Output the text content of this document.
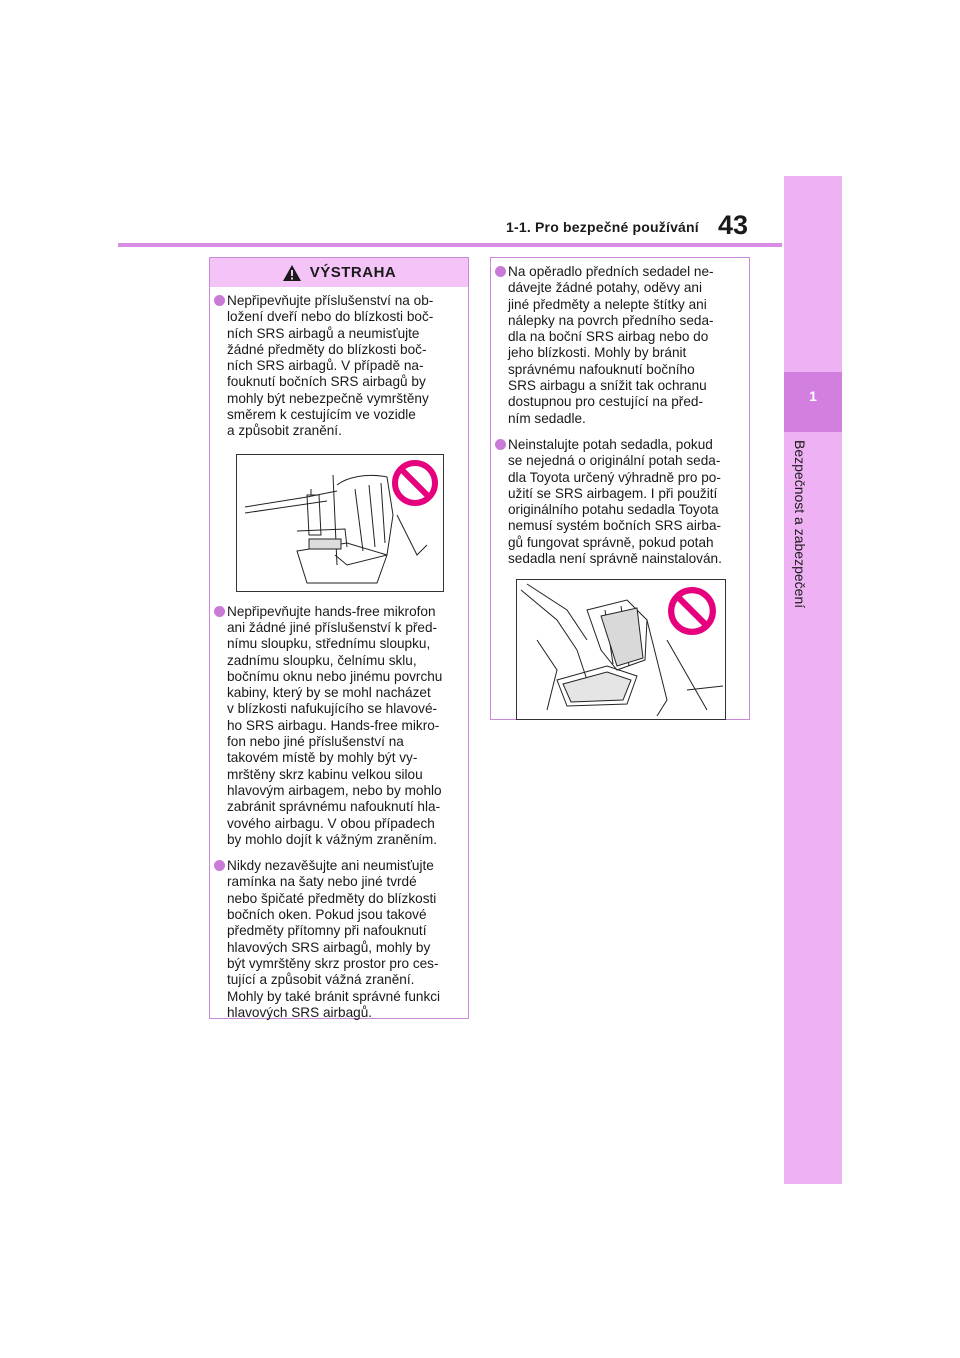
1-1. Pro bezpečné používání 43
1
Bezpečnost a zabezpečení
VÝSTRAHA
Nepřipevňujte příslušenství na ob-
ložení dveří nebo do blízkosti boč-
ních SRS airbagů a neumisťujte
žádné předměty do blízkosti boč-
ních SRS airbagů. V případě na-
fouknutí bočních SRS airbagů by
mohly být nebezpečně vymrštěny
směrem k cestujícím ve vozidle
a způsobit zranění.
Nepřipevňujte hands-free mikrofon
ani žádné jiné příslušenství k před-
nímu sloupku, střednímu sloupku,
zadnímu sloupku, čelnímu sklu,
bočnímu oknu nebo jinému povrchu
kabiny, který by se mohl nacházet
v blízkosti nafukujícího se hlavové-
ho SRS airbagu. Hands-free mikro-
fon nebo jiné příslušenství na
takovém místě by mohly být vy-
mrštěny skrz kabinu velkou silou
hlavovým airbagem, nebo by mohlo
zabránit správnému nafouknutí hla-
vového airbagu. V obou případech
by mohlo dojít k vážným zraněním.
Nikdy nezavěšujte ani neumisťujte
ramínka na šaty nebo jiné tvrdé
nebo špičaté předměty do blízkosti
bočních oken. Pokud jsou takové
předměty přítomny při nafouknutí
hlavových SRS airbagů, mohly by
být vymrštěny skrz prostor pro ces-
tující a způsobit vážná zranění.
Mohly by také bránit správné funkci
hlavových SRS airbagů.
Na opěradlo předních sedadel ne-
dávejte žádné potahy, oděvy ani
jiné předměty a nelepte štítky ani
nálepky na povrch předního seda-
dla na boční SRS airbag nebo do
jeho blízkosti. Mohly by bránit
správnému nafouknutí bočního
SRS airbagu a snížit tak ochranu
dostupnou pro cestující na před-
ním sedadle.
Neinstalujte potah sedadla, pokud
se nejedná o originální potah seda-
dla Toyota určený výhradně pro po-
užití se SRS airbagem. I při použití
originálního potahu sedadla Toyota
nemusí systém bočních SRS airba-
gů fungovat správně, pokud potah
sedadla není správně nainstalován.
